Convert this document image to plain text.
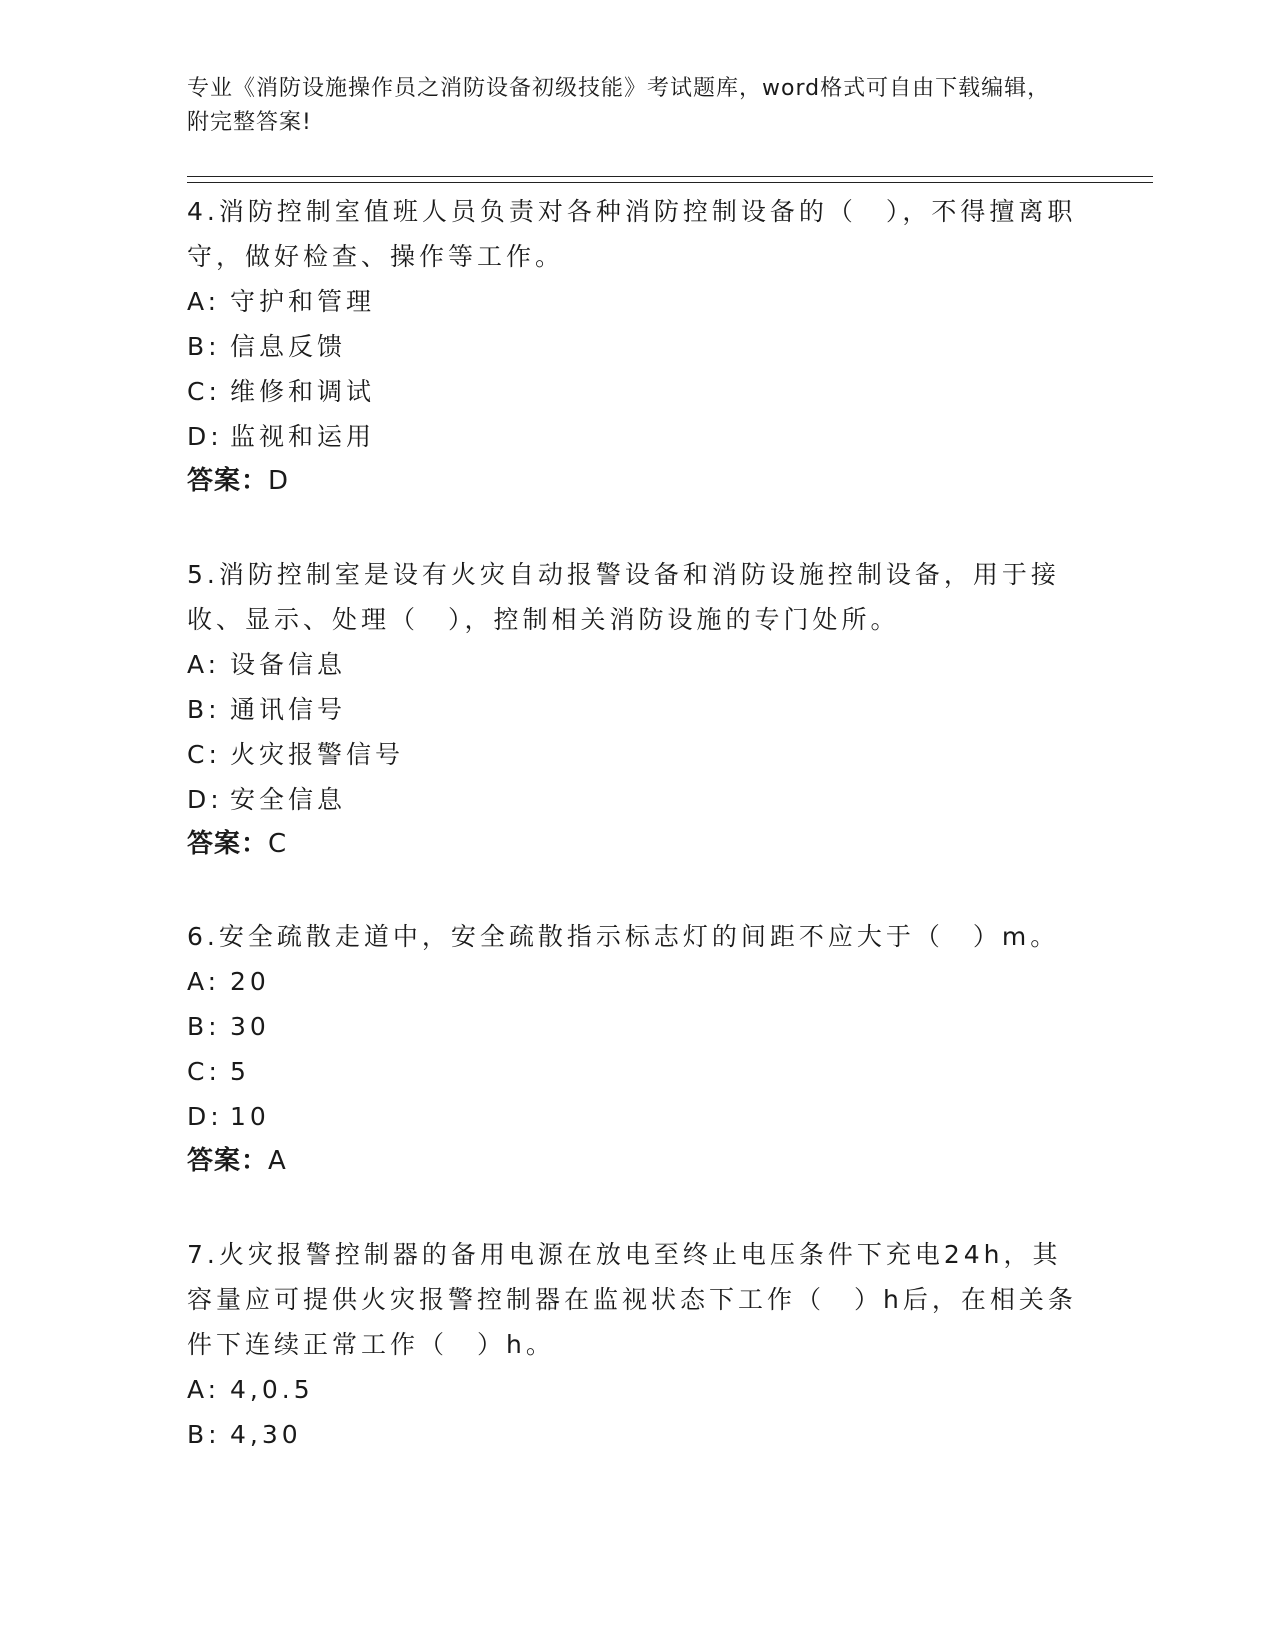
专业《消防设施操作员之消防设备初级技能》考试题库，word格式可自由下载编辑，附完整答案!

4.消防控制室值班人员负责对各种消防控制设备的（　），不得擅离职守，做好检查、操作等工作。

A: 守护和管理

B: 信息反馈

C: 维修和调试

D: 监视和运用

答案：D

5.消防控制室是设有火灾自动报警设备和消防设施控制设备，用于接收、显示、处理（　），控制相关消防设施的专门处所。

A: 设备信息

B: 通讯信号

C: 火灾报警信号

D: 安全信息

答案：C

6.安全疏散走道中，安全疏散指示标志灯的间距不应大于（　）m。

A: 20

B: 30

C: 5

D: 10

答案：A

7.火灾报警控制器的备用电源在放电至终止电压条件下充电24h，其容量应可提供火灾报警控制器在监视状态下工作（　）h后，在相关条件下连续正常工作（　）h。

A: 4,0.5

B: 4,30
